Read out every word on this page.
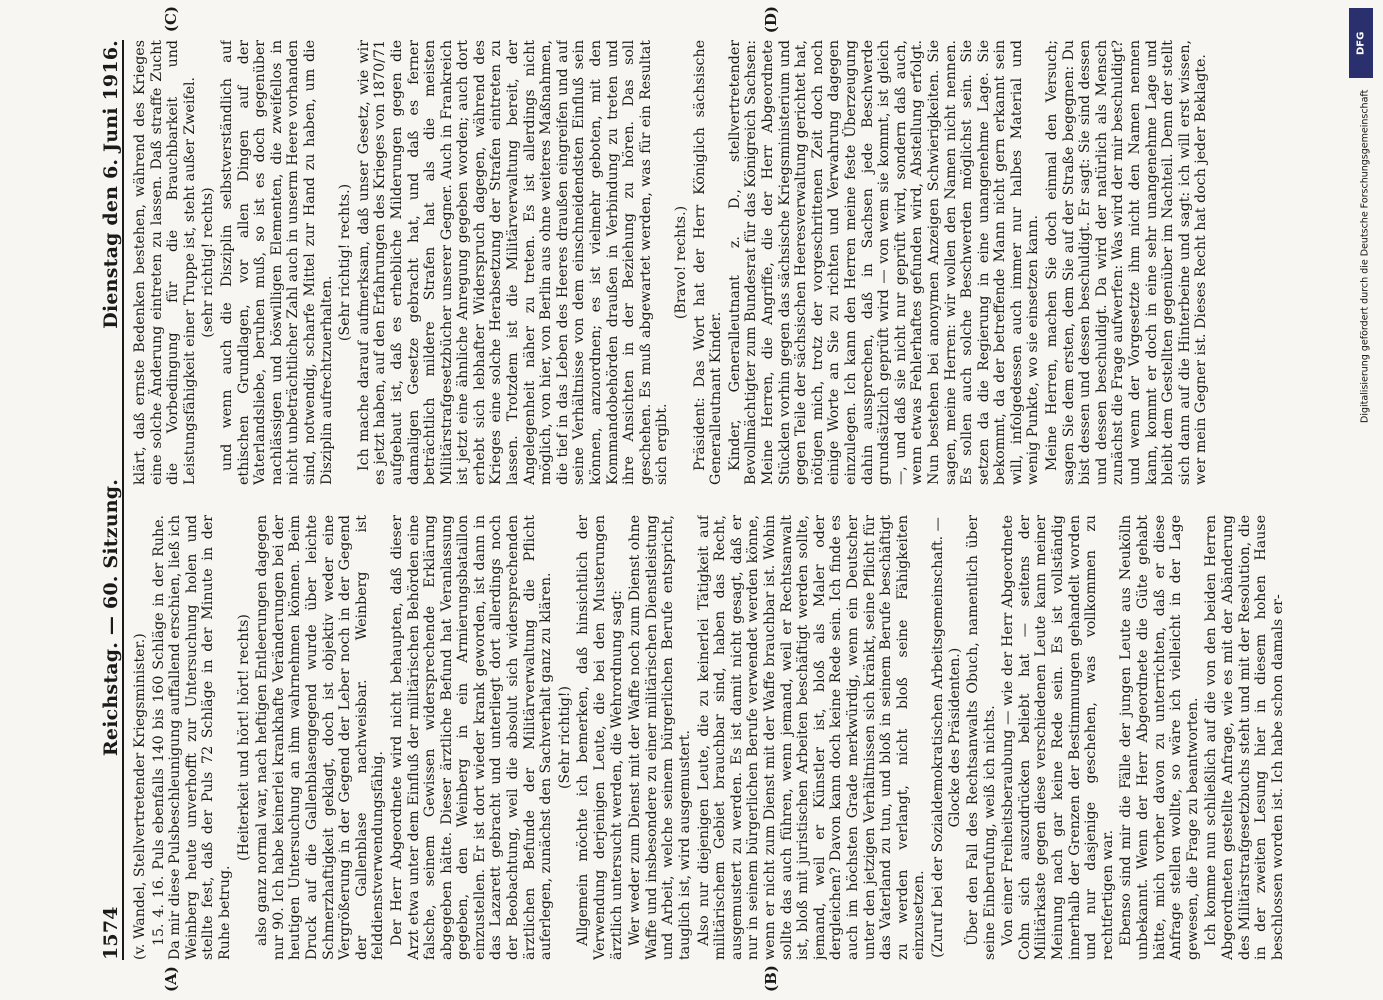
1574
Reichstag. — 60. Sitzung.
Dienstag den 6. Juni 1916.
(A)	(B)
(C)	(D)

(v. Wandel, Stellvertretender Kriegsminister.) 15. 4. 16. Puls ebenfalls 140 bis 160 Schläge in der Ruhe. Da mir diese Pulsbeschleunigung auffallend erschien, ließ ich Weinberg heute unverhofft zur Untersuchung holen und stellte fest, daß der Puls 72 Schläge in der Minute in der Ruhe betrug.

(Heiterkeit und hört! hört! rechts) also ganz normal war, nach heftigen Entleerungen dagegen nur 90. Ich habe keinerlei krankhafte Veränderungen bei der heutigen Untersuchung an ihm wahrnehmen können. Beim Druck auf die Gallenblasengegend wurde über leichte Schmerzhaftigkeit geklagt, doch ist objektiv weder eine Vergrößerung in der Gegend der Leber noch in der Gegend der Gallenblase nachweisbar. Weinberg ist felddienstverwendungsfähig. Der Herr Abgeordnete wird nicht behaupten, daß dieser Arzt etwa unter dem Einfluß der militärischen Behörden eine falsche, seinem Gewissen widersprechende Erklärung abgegeben hätte. Dieser ärztliche Befund hat Veranlassung gegeben, den Weinberg in ein Armierungsbataillon einzustellen. Er ist dort wieder krank geworden, ist dann in das Lazarett gebracht und unterliegt dort allerdings noch der Beobachtung, weil die absolut sich widersprechenden ärztlichen Befunde der Militärverwaltung die Pflicht auferlegen, zunächst den Sachverhalt ganz zu klären. (Sehr richtig!) Allgemein möchte ich bemerken, daß hinsichtlich der Verwendung derjenigen Leute, die bei den Musterungen ärztlich untersucht werden, die Wehrordnung sagt: Wer weder zum Dienst mit der Waffe noch zum Dienst ohne Waffe und insbesondere zu einer militärischen Dienstleistung und Arbeit, welche seinem bürgerlichen Berufe entspricht, tauglich ist, wird ausgemustert. Also nur diejenigen Leute, die zu keinerlei Tätigkeit auf militärischem Gebiet brauchbar sind, haben das Recht, ausgemustert zu werden. Es ist damit nicht gesagt, daß er nur in seinem bürgerlichen Berufe verwendet werden könne, wenn er nicht zum Dienst mit der Waffe brauchbar ist. Wohin sollte das auch führen, wenn jemand, weil er Rechtsanwalt ist, bloß mit juristischen Arbeiten beschäftigt werden sollte, jemand, weil er Künstler ist, bloß als Maler oder dergleichen? Davon kann doch keine Rede sein. Ich finde es auch im höchsten Grade merkwürdig, wenn ein Deutscher unter den jetzigen Verhältnissen sich kränkt, seine Pflicht für das Vaterland zu tun, und bloß in seinem Berufe beschäftigt zu werden verlangt, nicht bloß seine Fähigkeiten einzusetzen. (Zuruf bei der Sozialdemokratischen Arbeitsgemeinschaft. — Glocke des Präsidenten.) Über den Fall des Rechtsanwalts Obuch, namentlich über seine Einberufung, weiß ich nichts. Von einer Freiheitsberaubung — wie der Herr Abgeordnete Cohn sich auszudrücken beliebt hat — seitens der Militärkaste gegen diese verschiedenen Leute kann meiner Meinung nach gar keine Rede sein. Es ist vollständig innerhalb der Grenzen der Bestimmungen gehandelt worden und nur dasjenige geschehen, was vollkommen zu rechtfertigen war. Ebenso sind mir die Fälle der jungen Leute aus Neukölln unbekannt. Wenn der Herr Abgeordnete die Güte gehabt hätte, mich vorher davon zu unterrichten, daß er diese Anfrage stellen wollte, so wäre ich vielleicht in der Lage gewesen, die Frage zu beantworten. Ich komme nun schließlich auf die von den beiden Herren Abgeordneten gestellte Anfrage, wie es mit der Abänderung des Militärstrafgesetzbuchs steht und mit der Resolution, die in der zweiten Lesung hier in diesem hohen Hause beschlossen worden ist. Ich habe schon damals er-

klärt, daß ernste Bedenken bestehen, während des Krieges eine solche Änderung eintreten zu lassen. Daß straffe Zucht die Vorbedingung für die Brauchbarkeit und Leistungsfähigkeit einer Truppe ist, steht außer Zweifel. (sehr richtig! rechts) und wenn auch die Disziplin selbstverständlich auf ethischen Grundlagen, vor allen Dingen auf der Vaterlandsliebe, beruhen muß, so ist es doch gegenüber nachlässigen und böswilligen Elementen, die zweifellos in nicht unbeträchtlicher Zahl auch in unserm Heere vorhanden sind, notwendig, scharfe Mittel zur Hand zu haben, um die Disziplin aufrechtzuerhalten.

(Sehr richtig! rechts.) Ich mache darauf aufmerksam, daß unser Gesetz, wie wir es jetzt haben, auf den Erfahrungen des Krieges von 1870/71 aufgebaut ist, daß es erhebliche Milderungen gegen die damaligen Gesetze gebracht hat, und daß es ferner beträchtlich mildere Strafen hat als die meisten Militärstrafgesetzbücher unserer Gegner. Auch in Frankreich ist jetzt eine ähnliche Anregung gegeben worden; auch dort erhebt sich lebhafter Widerspruch dagegen, während des Krieges eine solche Herabsetzung der Strafen eintreten zu lassen. Trotzdem ist die Militärverwaltung bereit, der Angelegenheit näher zu treten. Es ist allerdings nicht möglich, von hier, von Berlin aus ohne weiteres Maßnahmen, die tief in das Leben des Heeres draußen eingreifen und auf seine Verhältnisse von dem einschneidendsten Einfluß sein können, anzuordnen; es ist vielmehr geboten, mit den Kommandobehörden draußen in Verbindung zu treten und ihre Ansichten in der Beziehung zu hören. Das soll geschehen. Es muß abgewartet werden, was für ein Resultat sich ergibt.

(Bravo! rechts.) Präsident: Das Wort hat der Herr Königlich sächsische Generalleutnant Kinder. Kinder, Generalleutnant z. D., stellvertretender Bevollmächtigter zum Bundesrat für das Königreich Sachsen: Meine Herren, die Angriffe, die der Herr Abgeordnete Stücklen vorhin gegen das sächsische Kriegsministerium und gegen Teile der sächsischen Heeresverwaltung gerichtet hat, nötigen mich, trotz der vorgeschrittenen Zeit doch noch einige Worte an Sie zu richten und Verwahrung dagegen einzulegen. Ich kann den Herren meine feste Überzeugung dahin aussprechen, daß in Sachsen jede Beschwerde grundsätzlich geprüft wird — von wem sie kommt, ist gleich —, und daß sie nicht nur geprüft wird, sondern daß auch, wenn etwas Fehlerhaftes gefunden wird, Abstellung erfolgt. Nun bestehen bei anonymen Anzeigen Schwierigkeiten. Sie sagen, meine Herren: wir wollen den Namen nicht nennen. Es sollen auch solche Beschwerden möglichst sein. Sie setzen da die Regierung in eine unangenehme Lage. Sie bekommt, da der betreffende Mann nicht gern erkannt sein will, infolgedessen auch immer nur halbes Material und wenig Punkte, wo sie einsetzen kann. Meine Herren, machen Sie doch einmal den Versuch; sagen Sie dem ersten, dem Sie auf der Straße begegnen: Du bist dessen und dessen beschuldigt. Er sagt: Sie sind dessen und dessen beschuldigt. Da wird der natürlich als Mensch zunächst die Frage aufwerfen: Was wird der mir beschuldigt? und wenn der Vorgesetzte ihm nicht den Namen nennen kann, kommt er doch in eine sehr unangenehme Lage und bleibt dem Gestellten gegenüber im Nachteil. Denn der stellt sich dann auf die Hinterbeine und sagt: ich will erst wissen, wer mein Gegner ist. Dieses Recht hat doch jeder Beklagte.

DFG
Digitalisierung gefördert durch die Deutsche Forschungsgemeinschaft
